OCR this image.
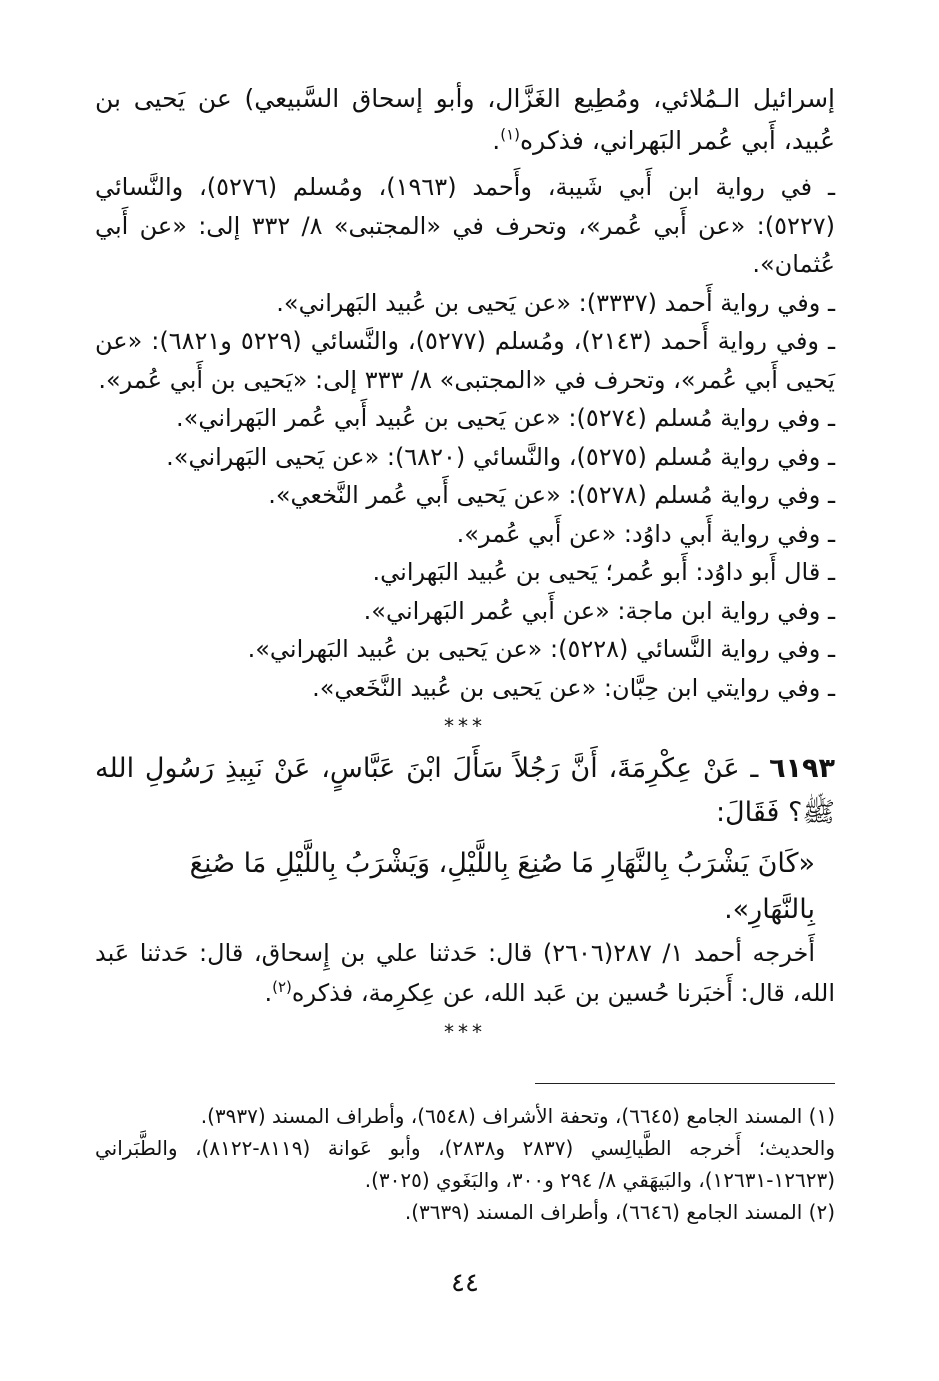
إسرائيل الـمُلائي، ومُطِيع الغَزَّال، وأبو إسحاق السَّبيعي) عن يَحيى بن عُبيد، أَبي عُمر البَهراني، فذكره$^{(١)}$.

ـ في رواية ابن أَبي شَيبة، وأَحمد (١٩٦٣)، ومُسلم (٥٢٧٦)، والنَّسائي (٥٢٢٧): «عن أَبي عُمر»، وتحرف في «المجتبى» ٨/ ٣٣٢ إلى: «عن أَبي عُثمان».
ـ وفي رواية أَحمد (٣٣٣٧): «عن يَحيى بن عُبيد البَهراني».
ـ وفي رواية أَحمد (٢١٤٣)، ومُسلم (٥٢٧٧)، والنَّسائي (٥٢٢٩ و٦٨٢١): «عن يَحيى أَبي عُمر»، وتحرف في «المجتبى» ٨/ ٣٣٣ إلى: «يَحيى بن أَبي عُمر».
ـ وفي رواية مُسلم (٥٢٧٤): «عن يَحيى بن عُبيد أَبي عُمر البَهراني».
ـ وفي رواية مُسلم (٥٢٧٥)، والنَّسائي (٦٨٢٠): «عن يَحيى البَهراني».
ـ وفي رواية مُسلم (٥٢٧٨): «عن يَحيى أَبي عُمر النَّخعي».
ـ وفي رواية أَبي داوُد: «عن أَبي عُمر».
ـ قال أَبو داوُد: أَبو عُمر؛ يَحيى بن عُبيد البَهراني.
ـ وفي رواية ابن ماجة: «عن أَبي عُمر البَهراني».
ـ وفي رواية النَّسائي (٥٢٢٨): «عن يَحيى بن عُبيد البَهراني».
ـ وفي روايتي ابن حِبَّان: «عن يَحيى بن عُبيد النَّخَعي».
***

٦١٩٣ ـ عَنْ عِكْرِمَةَ، أَنَّ رَجُلاً سَأَلَ ابْنَ عَبَّاسٍ، عَنْ نَبِيذِ رَسُولِ الله ﷺ؟ فَقَالَ:

«كَانَ يَشْرَبُ بِالنَّهَارِ مَا صُنِعَ بِاللَّيْلِ، وَيَشْرَبُ بِاللَّيْلِ مَا صُنِعَ بِالنَّهَارِ».

أَخرجه أحمد ١/ ٢٨٧(٢٦٠٦) قال: حَدثنا علي بن إِسحاق، قال: حَدثنا عَبد الله، قال: أَخبَرنا حُسين بن عَبد الله، عن عِكرِمة، فذكره$^{(٢)}$.

***
(١) المسند الجامع (٦٦٤٥)، وتحفة الأشراف (٦٥٤٨)، وأطراف المسند (٣٩٣٧).
والحديث؛ أَخرجه الطَّيالِسي (٢٨٣٧ و٢٨٣٨)، وأبو عَوانة (٨١١٩-٨١٢٢)، والطَّبَراني (١٢٦٢٣-١٢٦٣١)، والبَيهَقي ٨/ ٢٩٤ و٣٠٠، والبَغَوي (٣٠٢٥).
(٢) المسند الجامع (٦٦٤٦)، وأطراف المسند (٣٦٣٩).
٤٤
